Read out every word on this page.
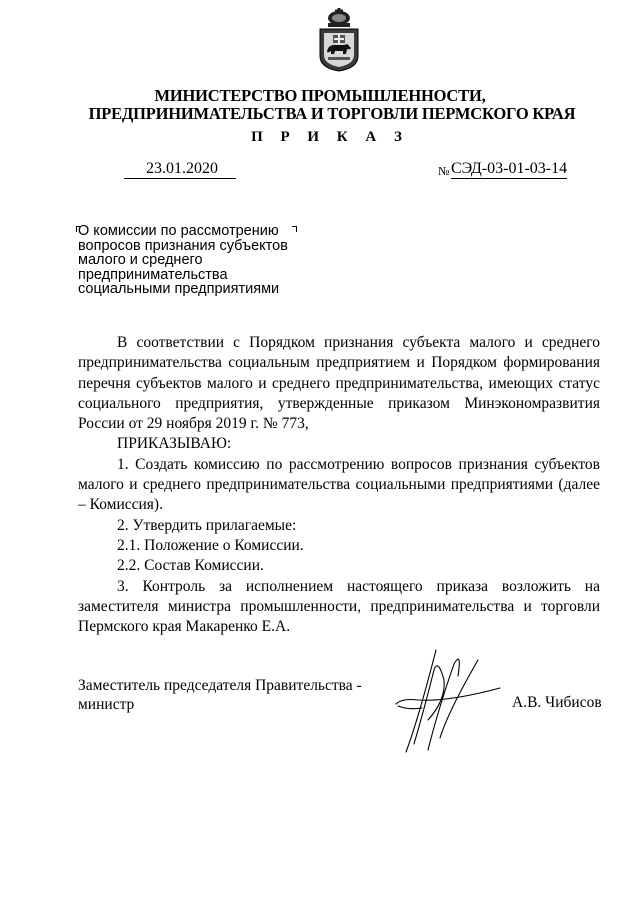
МИНИСТЕРСТВО ПРОМЫШЛЕННОСТИ,
ПРЕДПРИНИМАТЕЛЬСТВА И ТОРГОВЛИ ПЕРМСКОГО КРАЯ
П Р И К А З
23.01.2020	№ СЭД-03-01-03-14
О комиссии по рассмотрению
вопросов признания субъектов
малого и среднего
предпринимательства
социальными предприятиями

В соответствии с Порядком признания субъекта малого и среднего предпринимательства социальным предприятием и Порядком формирования перечня субъектов малого и среднего предпринимательства, имеющих статус социального предприятия, утвержденные приказом Минэкономразвития России от 29 ноября 2019 г. № 773,

ПРИКАЗЫВАЮ:

1. Создать комиссию по рассмотрению вопросов признания субъектов малого и среднего предпринимательства социальными предприятиями (далее – Комиссия).

2. Утвердить прилагаемые:

2.1. Положение о Комиссии.

2.2. Состав Комиссии.

3. Контроль за исполнением настоящего приказа возложить на заместителя министра промышленности, предпринимательства и торговли Пермского края Макаренко Е.А.

Заместитель председателя Правительства -
министр	А.В. Чибисов
